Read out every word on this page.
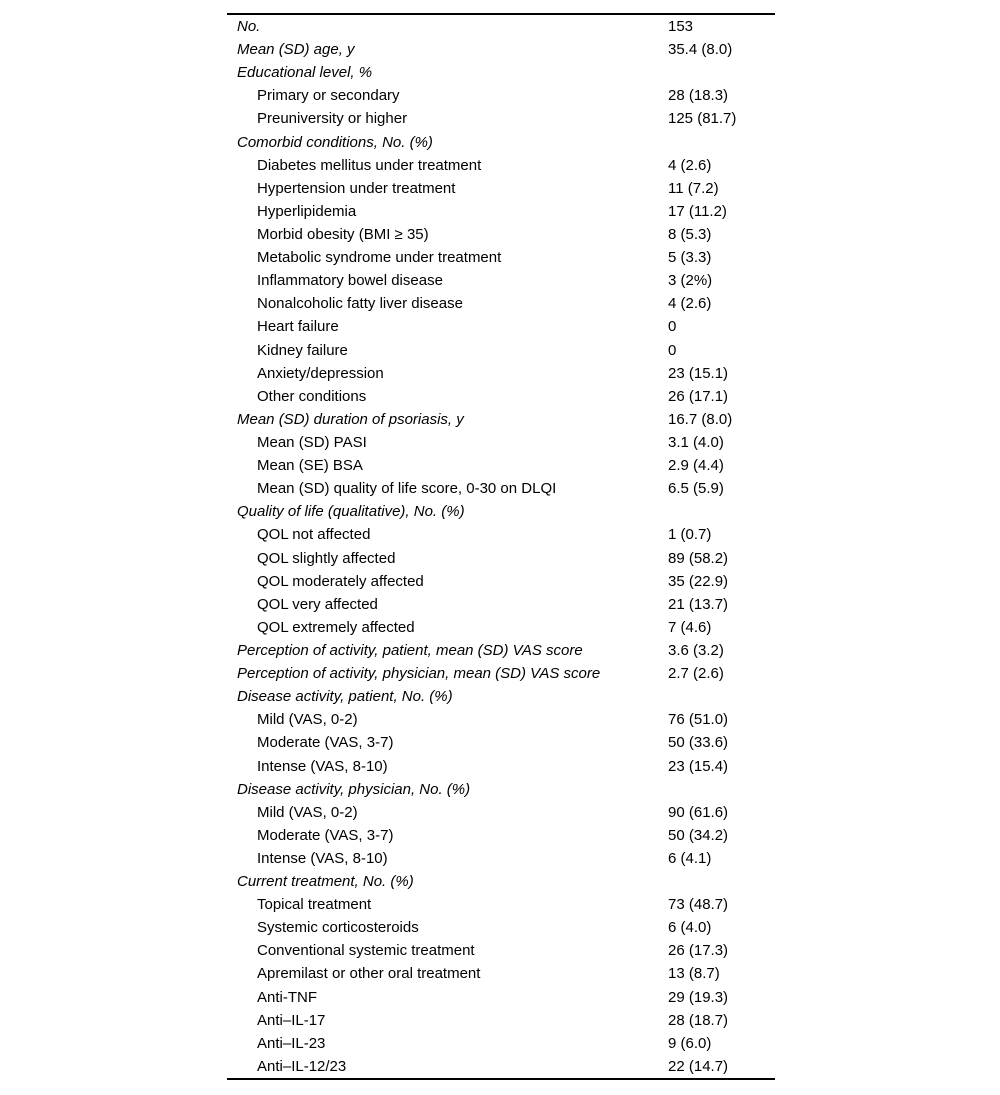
No.	153
Mean (SD) age, y	35.4 (8.0)
Educational level, %
Primary or secondary	28 (18.3)
Preuniversity or higher	125 (81.7)
Comorbid conditions, No. (%)
Diabetes mellitus under treatment	4 (2.6)
Hypertension under treatment	11 (7.2)
Hyperlipidemia	17 (11.2)
Morbid obesity (BMI ≥ 35)	8 (5.3)
Metabolic syndrome under treatment	5 (3.3)
Inflammatory bowel disease	3 (2%)
Nonalcoholic fatty liver disease	4 (2.6)
Heart failure	0
Kidney failure	0
Anxiety/depression	23 (15.1)
Other conditions	26 (17.1)
Mean (SD) duration of psoriasis, y	16.7 (8.0)
Mean (SD) PASI	3.1 (4.0)
Mean (SE) BSA	2.9 (4.4)
Mean (SD) quality of life score, 0-30 on DLQI	6.5 (5.9)
Quality of life (qualitative), No. (%)
QOL not affected	1 (0.7)
QOL slightly affected	89 (58.2)
QOL moderately affected	35 (22.9)
QOL very affected	21 (13.7)
QOL extremely affected	7 (4.6)
Perception of activity, patient, mean (SD) VAS score	3.6 (3.2)
Perception of activity, physician, mean (SD) VAS score	2.7 (2.6)
Disease activity, patient, No. (%)
Mild (VAS, 0-2)	76 (51.0)
Moderate (VAS, 3-7)	50 (33.6)
Intense (VAS, 8-10)	23 (15.4)
Disease activity, physician, No. (%)
Mild (VAS, 0-2)	90 (61.6)
Moderate (VAS, 3-7)	50 (34.2)
Intense (VAS, 8-10)	6 (4.1)
Current treatment, No. (%)
Topical treatment	73 (48.7)
Systemic corticosteroids	6 (4.0)
Conventional systemic treatment	26 (17.3)
Apremilast or other oral treatment	13 (8.7)
Anti-TNF	29 (19.3)
Anti–IL-17	28 (18.7)
Anti–IL-23	9 (6.0)
Anti–IL-12/23	22 (14.7)
